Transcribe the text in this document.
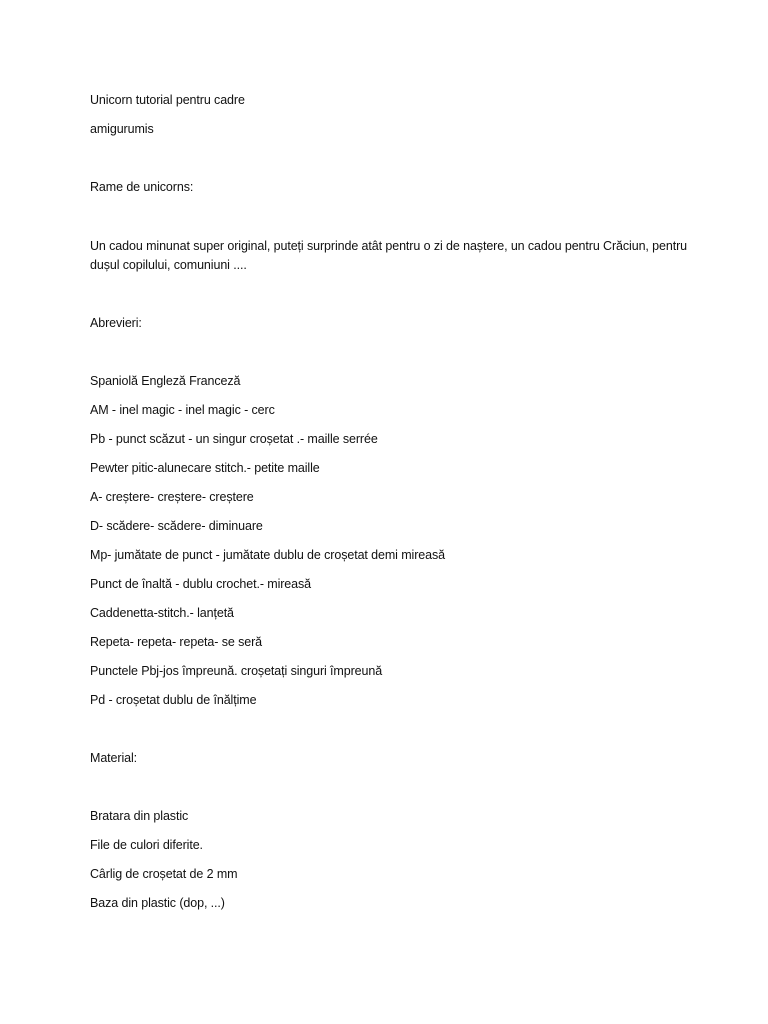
Unicorn tutorial pentru cadre
amigurumis
Rame de unicorns:
Un cadou minunat super original, puteți surprinde atât pentru o zi de naștere, un cadou pentru Crăciun, pentru dușul copilului, comuniuni ....
Abrevieri:
Spaniolă Engleză Franceză
AM - inel magic - inel magic - cerc
Pb - punct scăzut - un singur croșetat .- maille serrée
Pewter pitic-alunecare stitch.- petite maille
A- creștere- creștere- creștere
D- scădere- scădere- diminuare
Mp- jumătate de punct - jumătate dublu de croșetat demi mireasă
Punct de înaltă - dublu crochet.- mireasă
Caddenetta-stitch.- lanțetă
Repeta- repeta- repeta- se seră
Punctele Pbj-jos împreună. croșetați singuri împreună
Pd - croșetat dublu de înălțime
Material:
Bratara din plastic
File de culori diferite.
Cârlig de croșetat de 2 mm
Baza din plastic (dop, ...)
